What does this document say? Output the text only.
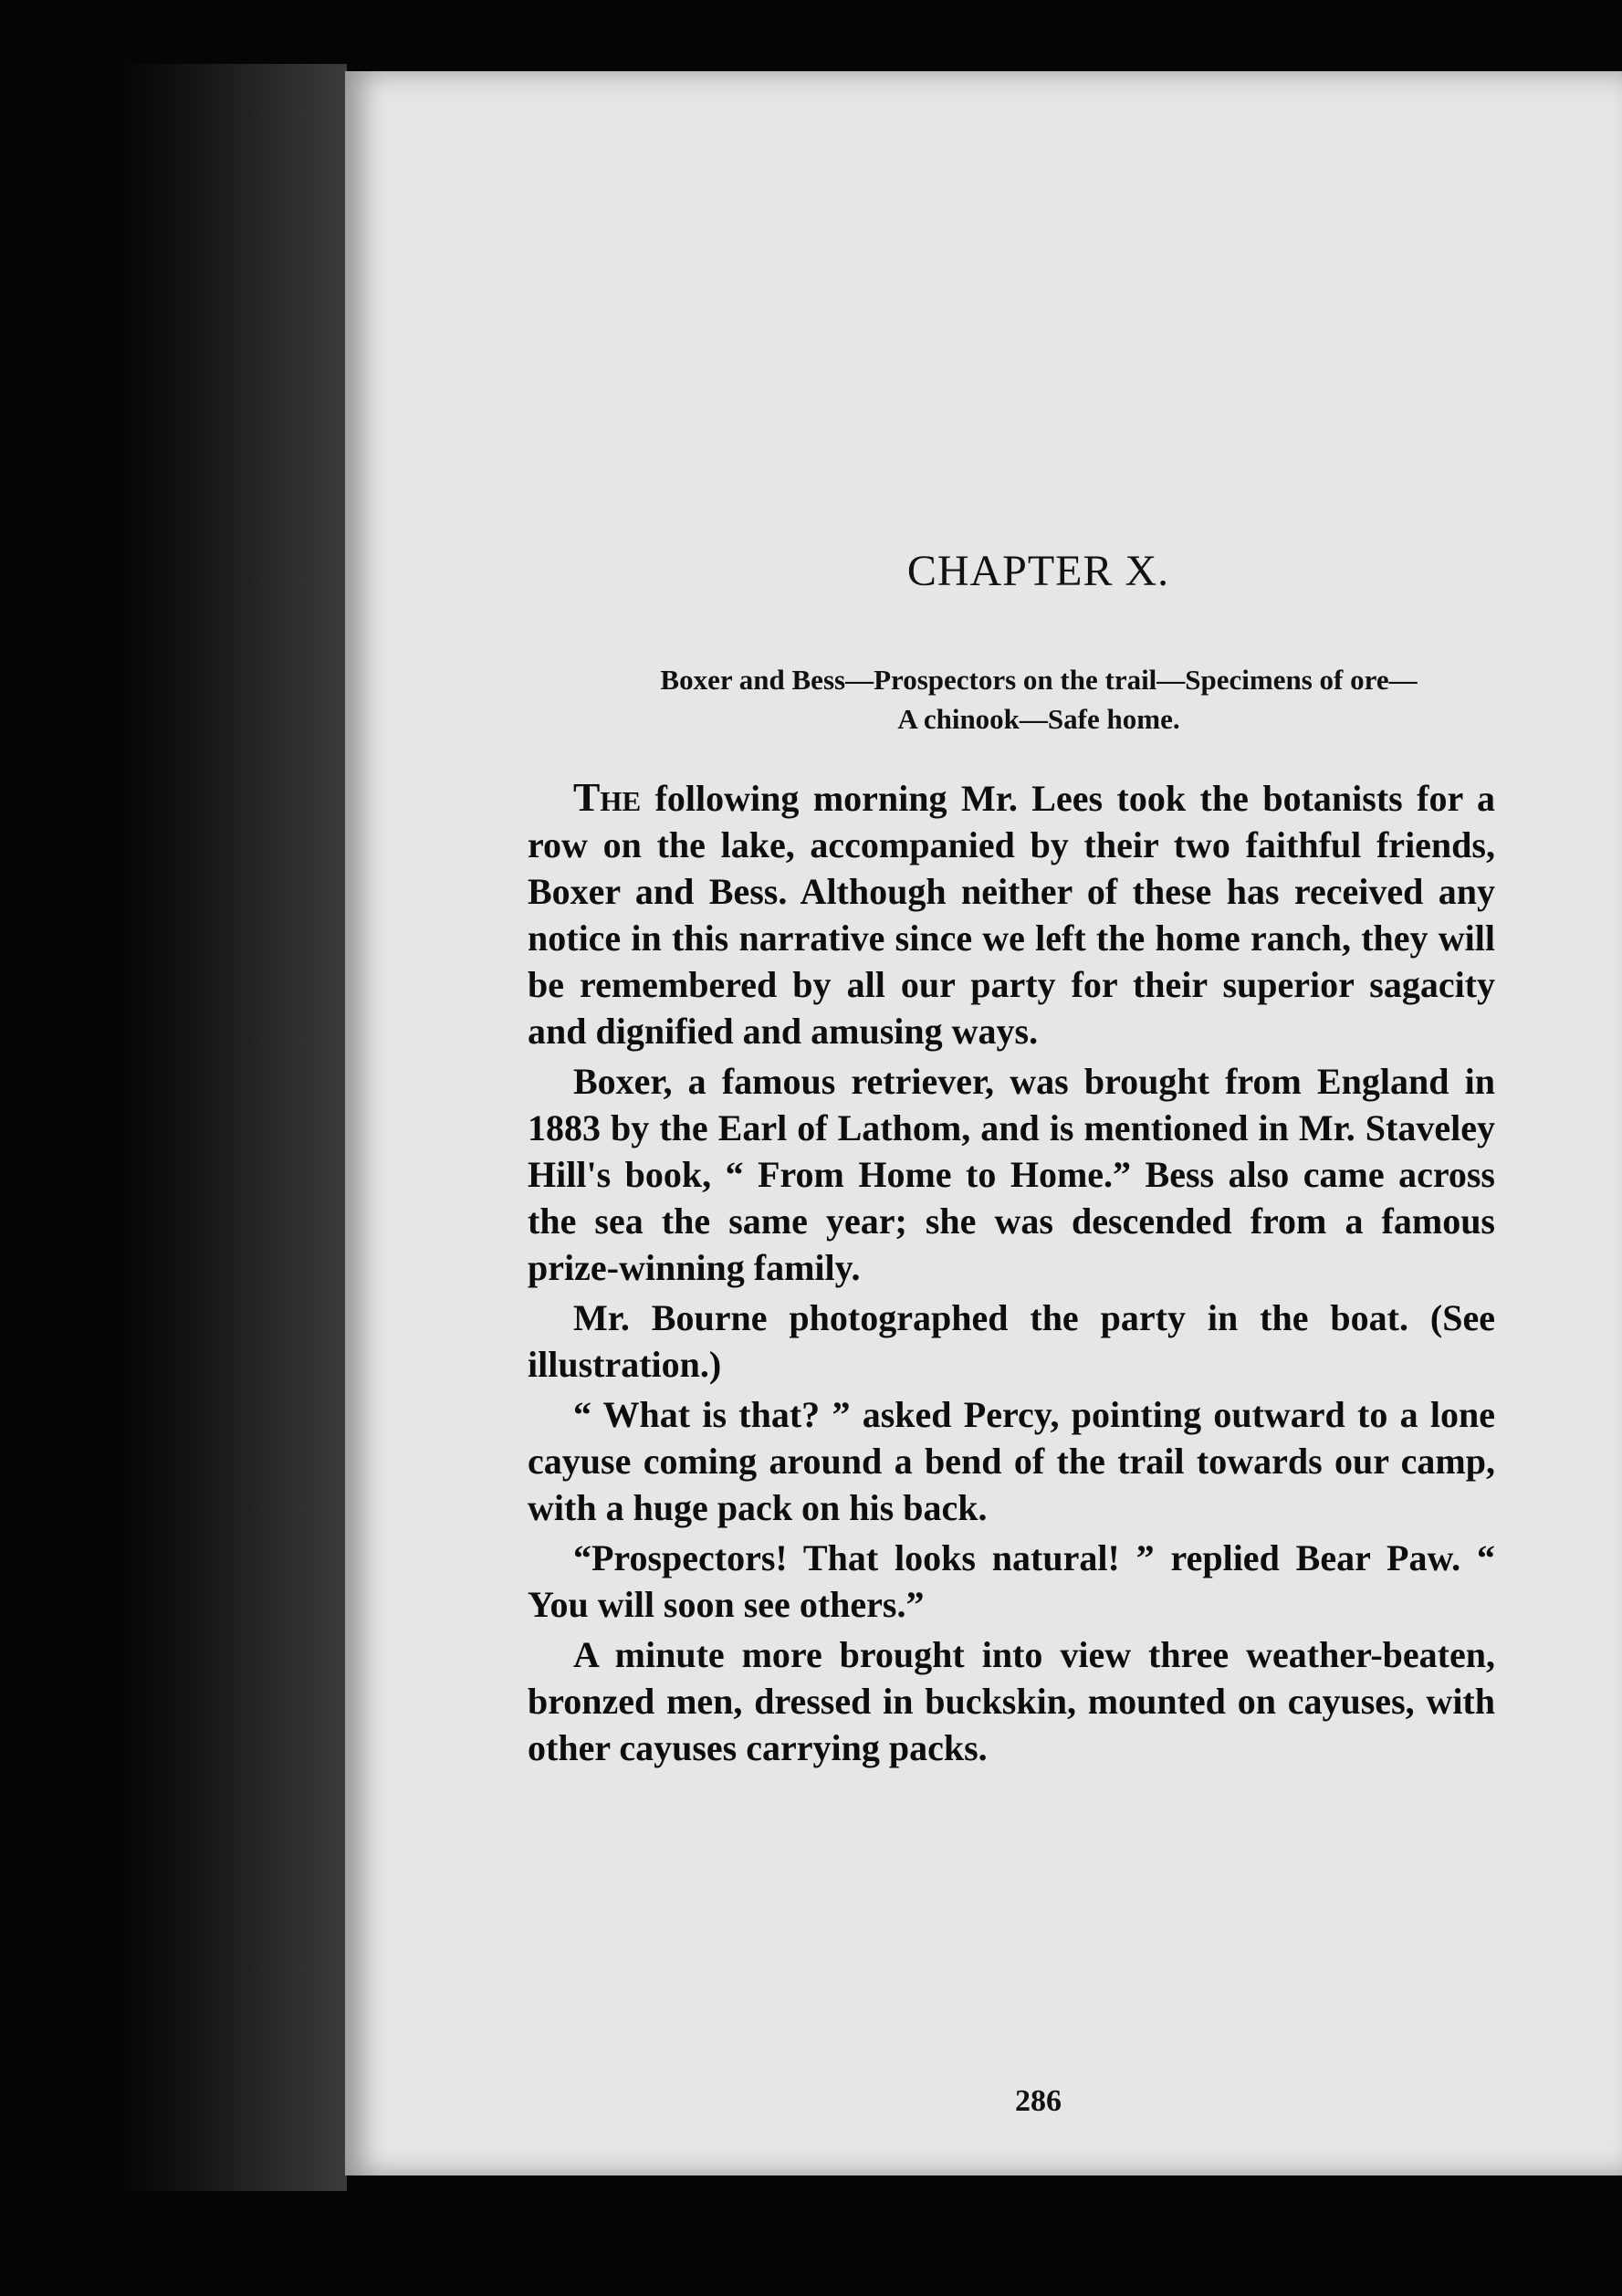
CHAPTER X.
Boxer and Bess—Prospectors on the trail—Specimens of ore—
A chinook—Safe home.

The following morning Mr. Lees took the botanists for a row on the lake, accompanied by their two faithful friends, Boxer and Bess. Although neither of these has received any notice in this narrative since we left the home ranch, they will be remembered by all our party for their superior sagacity and dignified and amusing ways.

Boxer, a famous retriever, was brought from England in 1883 by the Earl of Lathom, and is mentioned in Mr. Staveley Hill's book, “ From Home to Home.” Bess also came across the sea the same year; she was descended from a famous prize-winning family.

Mr. Bourne photographed the party in the boat. (See illustration.)

“ What is that? ” asked Percy, pointing outward to a lone cayuse coming around a bend of the trail towards our camp, with a huge pack on his back.

“Prospectors! That looks natural! ” replied Bear Paw. “ You will soon see others.”

A minute more brought into view three weather-beaten, bronzed men, dressed in buckskin, mounted on cayuses, with other cayuses carrying packs.

286
